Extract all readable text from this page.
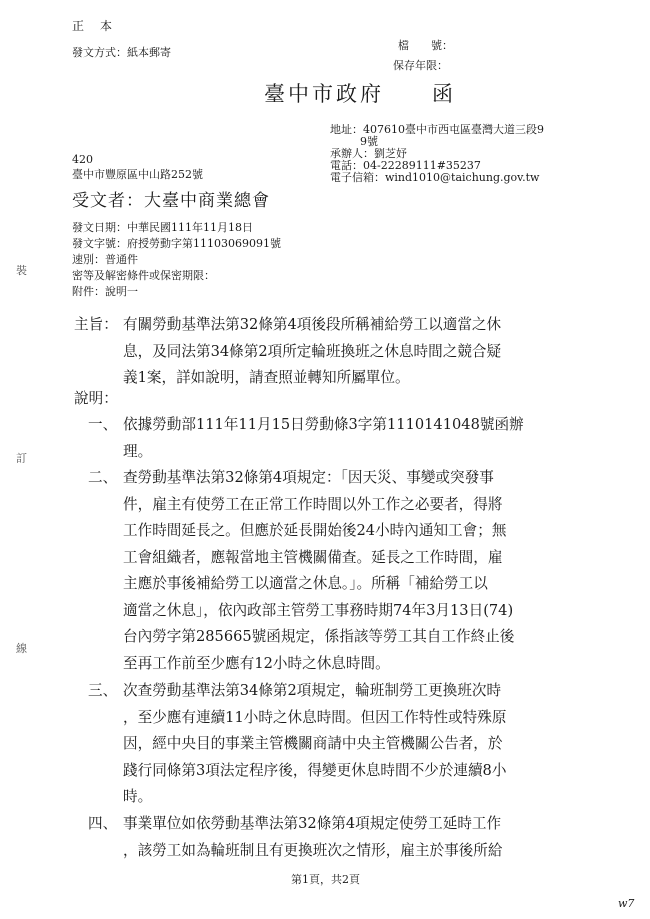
正　本
發文方式：紙本郵寄
檔　　號：
保存年限：
臺中市政府　　函
地址：407610臺中市西屯區臺灣大道三段9
9號
承辦人：劉芝妤
電話：04-22289111#35237
電子信箱：wind1010@taichung.gov.tw
420
臺中市豐原區中山路252號
受文者：大臺中商業總會
發文日期：中華民國111年11月18日
發文字號：府授勞動字第11103069091號
速別：普通件
密等及解密條件或保密期限：
附件：說明一
裝
訂
線
主旨： 有關勞動基準法第32條第4項後段所稱補給勞工以適當之休
息，及同法第34條第2項所定輪班換班之休息時間之競合疑
義1案，詳如說明，請查照並轉知所屬單位。
說明：
一、 依據勞動部111年11月15日勞動條3字第1110141048號函辦
理。
二、 查勞動基準法第32條第4項規定：「因天災、事變或突發事
件，雇主有使勞工在正常工作時間以外工作之必要者，得將
工作時間延長之。但應於延長開始後24小時內通知工會；無
工會組織者，應報當地主管機關備查。延長之工作時間，雇
主應於事後補給勞工以適當之休息。」。所稱「補給勞工以
適當之休息」，依內政部主管勞工事務時期74年3月13日(74)
台內勞字第285665號函規定，係指該等勞工其自工作終止後
至再工作前至少應有12小時之休息時間。
三、 次查勞動基準法第34條第2項規定，輪班制勞工更換班次時
，至少應有連續11小時之休息時間。但因工作特性或特殊原
因，經中央目的事業主管機關商請中央主管機關公告者，於
踐行同條第3項法定程序後，得變更休息時間不少於連續8小
時。
四、 事業單位如依勞動基準法第32條第4項規定使勞工延時工作
，該勞工如為輪班制且有更換班次之情形，雇主於事後所給
第1頁，共2頁
w7
